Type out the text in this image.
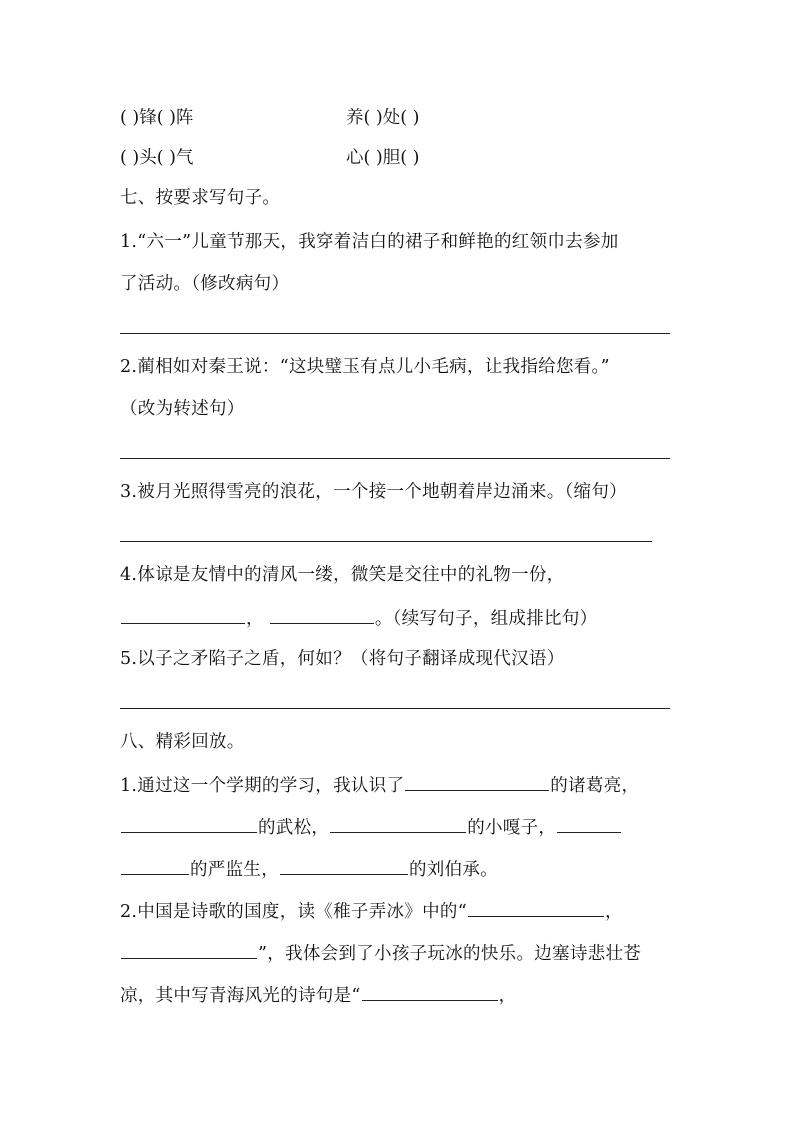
( )锋( )阵	养( )处( )
( )头( )气	心( )胆( )
七、按要求写句子。
1.“六一”儿童节那天，我穿着洁白的裙子和鲜艳的红领巾去参加
了活动。（修改病句）
2.蔺相如对秦王说：“这块璧玉有点儿小毛病，让我指给您看。”
（改为转述句）
3.被月光照得雪亮的浪花，一个接一个地朝着岸边涌来。（缩句）
4.体谅是友情中的清风一缕，微笑是交往中的礼物一份，
，	。（续写句子，组成排比句）
5.以子之矛陷子之盾，何如？（将句子翻译成现代汉语）
八、精彩回放。
1.通过这一个学期的学习，我认识了	的诸葛亮，
的武松，	的小嘎子，
的严监生，	的刘伯承。
2.中国是诗歌的国度，读《稚子弄冰》中的“	，
”，我体会到了小孩子玩冰的快乐。边塞诗悲壮苍
凉，其中写青海风光的诗句是“	，
